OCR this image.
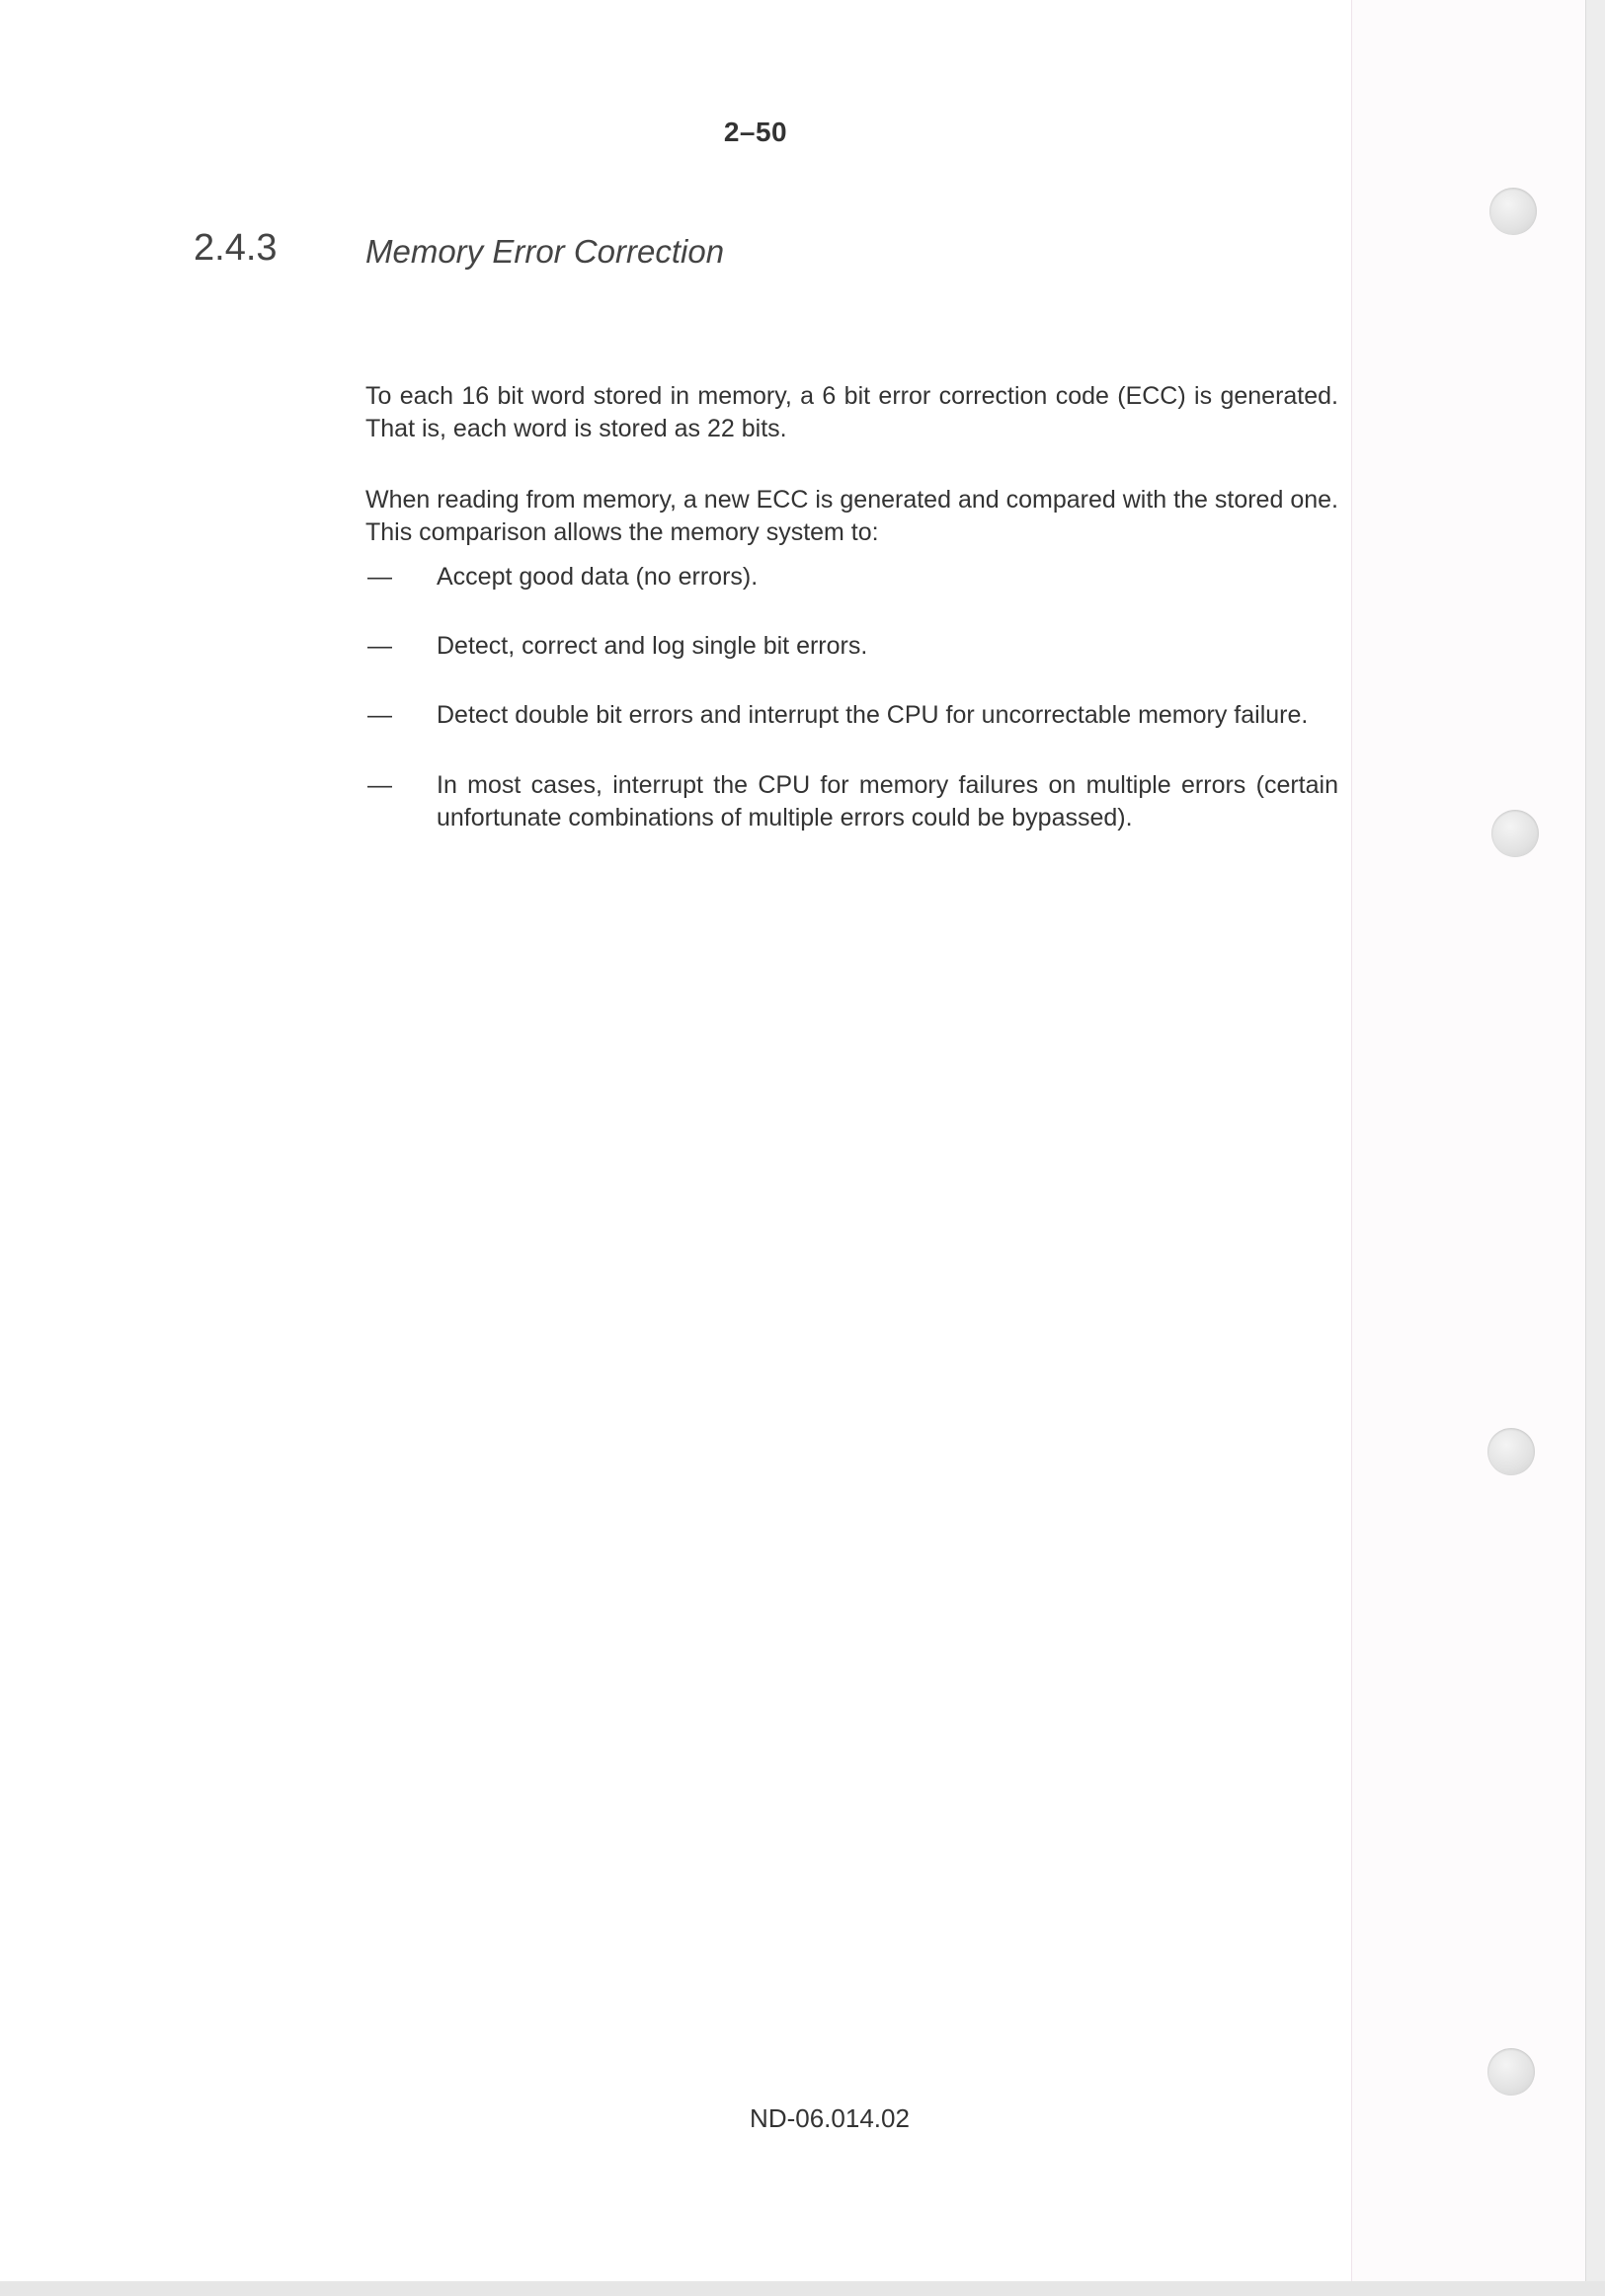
2–50
2.4.3	Memory Error Correction

To each 16 bit word stored in memory, a 6 bit error correction code (ECC) is generated. That is, each word is stored as 22 bits.

When reading from memory, a new ECC is generated and compared with the stored one. This comparison allows the memory system to:

— Accept good data (no errors).
— Detect, correct and log single bit errors.
— Detect double bit errors and interrupt the CPU for uncorrectable memory failure.
— In most cases, interrupt the CPU for memory failures on multiple errors (certain unfortunate combinations of multiple errors could be bypassed).
ND-06.014.02
